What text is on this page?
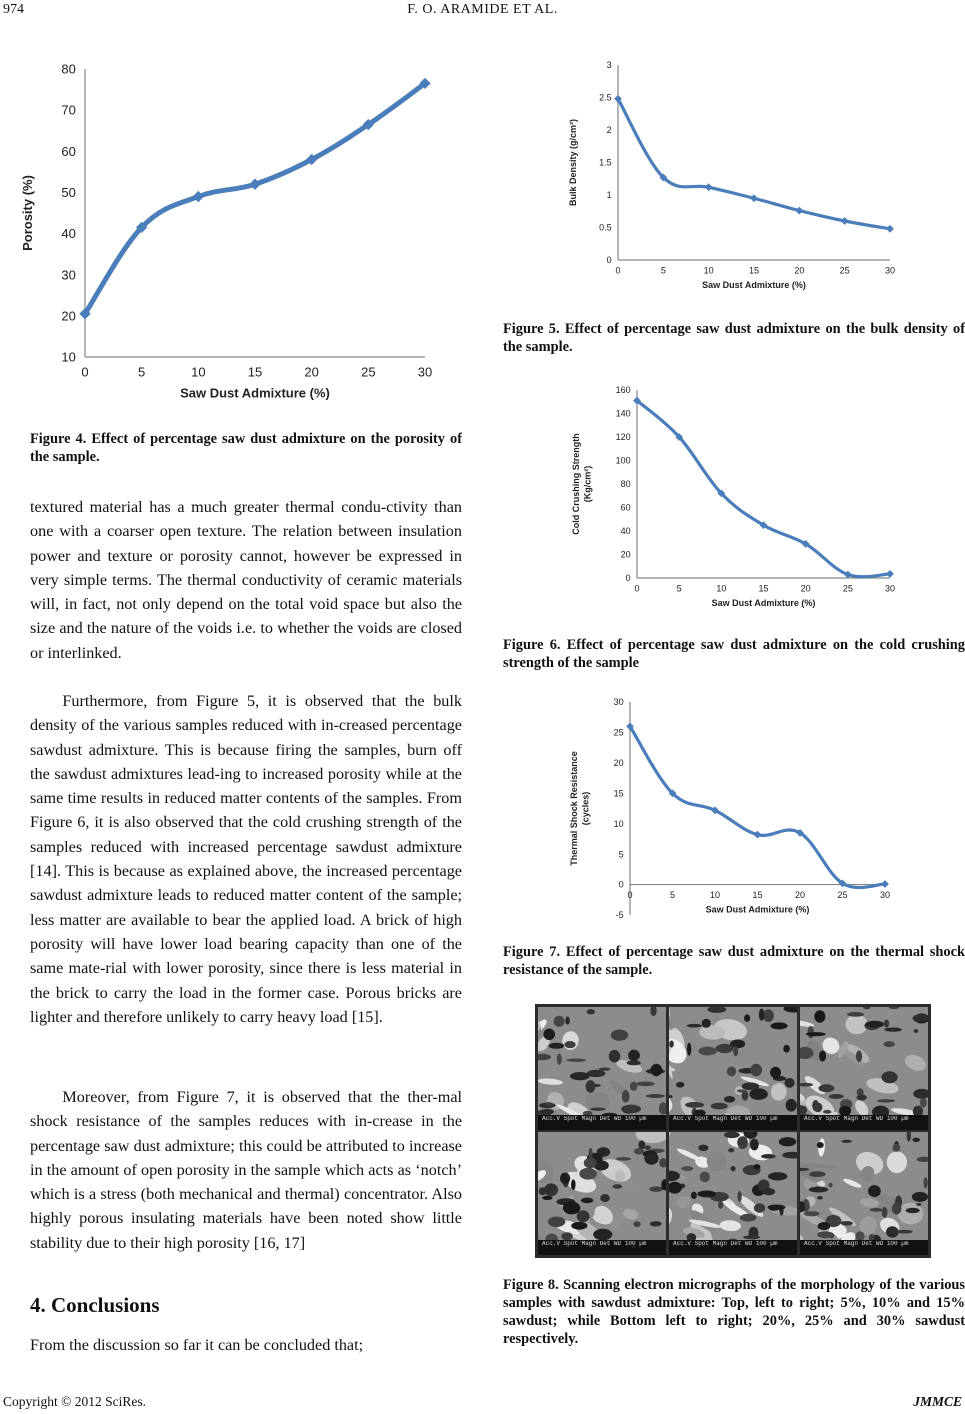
974	F. O. ARAMIDE ET AL.
10
20
30
40
50
60
70
80
0	5	10	15	20	25	30
Saw Dust Admixture (%)
Porosity (%)

Figure 4. Effect of percentage saw dust admixture on the porosity of the sample.

0
0.5
1
1.5
2
2.5
3
0	5	10	15	20	25	30
Saw Dust Admixture (%)
Bulk Density (g/cm³)

Figure 5. Effect of percentage saw dust admixture on the bulk density of the sample.

0
20
40
60
80
100
120
140
160
0	5	10	15	20	25	30
Saw Dust Admixture (%)
Cold Crushing Strength(Kg/cm²)

Figure 6. Effect of percentage saw dust admixture on the cold crushing strength of the sample

-5
0
5
10
15
20
25
30
0	5	10	15	20	25	30
Saw Dust Admixture (%)
Thermal Shock Resistance(cycles)

Figure 7. Effect of percentage saw dust admixture on the thermal shock resistance of the sample.

Acc.V Spot Magn Det WD 100 µm	Acc.V Spot Magn Det WD 100 µm	Acc.V Spot Magn Det WD 100 µm
Acc.V Spot Magn Det WD 100 µm	Acc.V Spot Magn Det WD 100 µm	Acc.V Spot Magn Det WD 100 µm

Figure 8. Scanning electron micrographs of the morphology of the various samples with sawdust admixture: Top, left to right; 5%, 10% and 15% sawdust; while Bottom left to right; 20%, 25% and 30% sawdust respectively.

textured material has a much greater thermal condu-ctivity than one with a coarser open texture. The relation between insulation power and texture or porosity cannot, however be expressed in very simple terms. The thermal conductivity of ceramic materials will, in fact, not only depend on the total void space but also the size and the nature of the voids i.e. to whether the voids are closed or interlinked.

Furthermore, from Figure 5, it is observed that the bulk density of the various samples reduced with in-creased percentage sawdust admixture. This is because firing the samples, burn off the sawdust admixtures lead-ing to increased porosity while at the same time results in reduced matter contents of the samples. From Figure 6, it is also observed that the cold crushing strength of the samples reduced with increased percentage sawdust admixture [14]. This is because as explained above, the increased percentage sawdust admixture leads to reduced matter content of the sample; less matter are available to bear the applied load. A brick of high porosity will have lower load bearing capacity than one of the same mate-rial with lower porosity, since there is less material in the brick to carry the load in the former case. Porous bricks are lighter and therefore unlikely to carry heavy load [15].

Moreover, from Figure 7, it is observed that the ther-mal shock resistance of the samples reduces with in-crease in the percentage saw dust admixture; this could be attributed to increase in the amount of open porosity in the sample which acts as ‘notch’ which is a stress (both mechanical and thermal) concentrator. Also highly porous insulating materials have been noted show little stability due to their high porosity [16, 17]

4. Conclusions

From the discussion so far it can be concluded that;

Copyright © 2012 SciRes.	JMMCE
